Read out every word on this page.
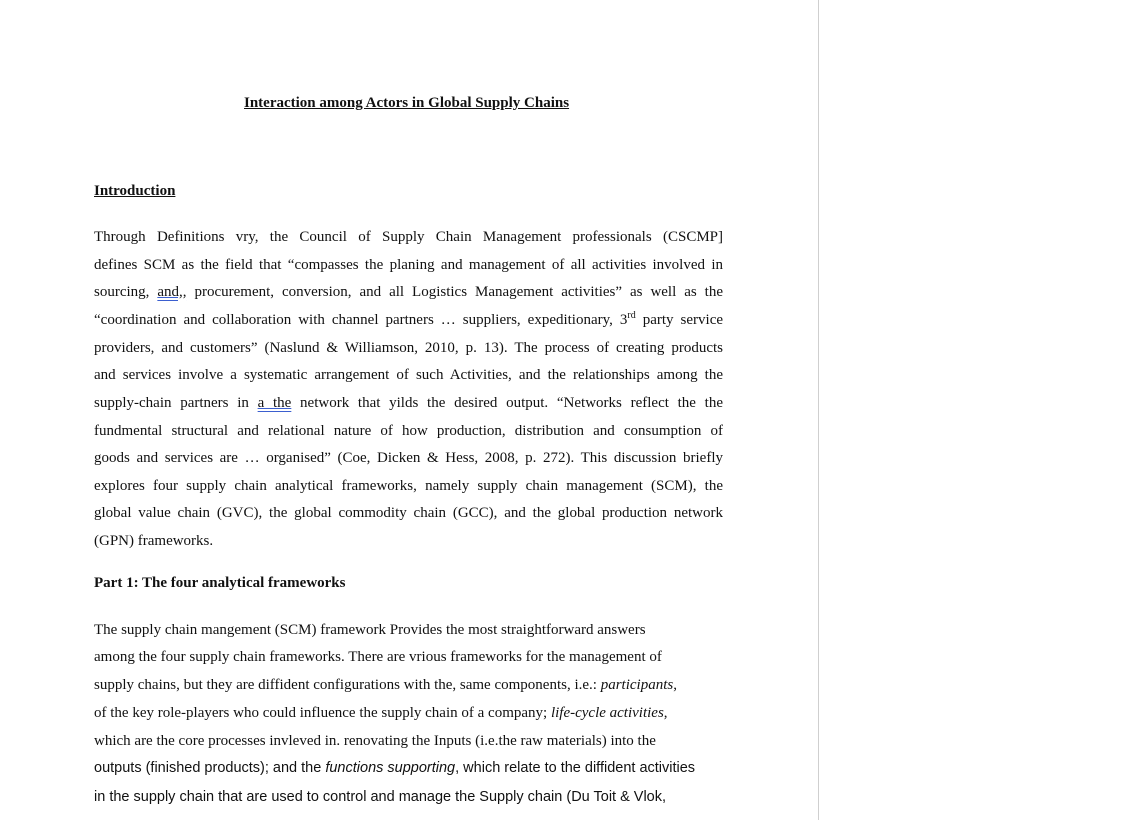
Interaction among Actors in Global Supply Chains
Introduction
Through Definitions vry, the Council of Supply Chain Management professionals (CSCMP]
defines SCM as the field that “compasses the planing and management of all activities involved in
sourcing, and,, procurement, conversion, and all Logistics Management activities” as well as the
“coordination and collaboration with channel partners … suppliers, expeditionary, 3rd party service
providers, and customers” (Naslund & Williamson, 2010, p. 13). The process of creating products
and services involve a systematic arrangement of such Activities, and the relationships among the
supply-chain partners in a the network that yilds the desired output. “Networks reflect the the
fundmental structural and relational nature of how production, distribution and consumption of
goods and services are … organised” (Coe, Dicken & Hess, 2008, p. 272). This discussion briefly
explores four supply chain analytical frameworks, namely supply chain management (SCM), the
global value chain (GVC), the global commodity chain (GCC), and the global production network
(GPN) frameworks.
Part 1: The four analytical frameworks
The supply chain mangement (SCM) framework Provides the most straightforward answers
among the four supply chain frameworks. There are vrious frameworks for the management of
supply chains, but they are diffident configurations with the, same components, i.e.: participants,
of the key role-players who could influence the supply chain of a company; life-cycle activities,
which are the core processes invleved in. renovating the Inputs (i.e.the raw materials) into the
outputs (finished products); and the functions supporting, which relate to the diffident activities
in the supply chain that are used to control and manage the Supply chain (Du Toit & Vlok,
